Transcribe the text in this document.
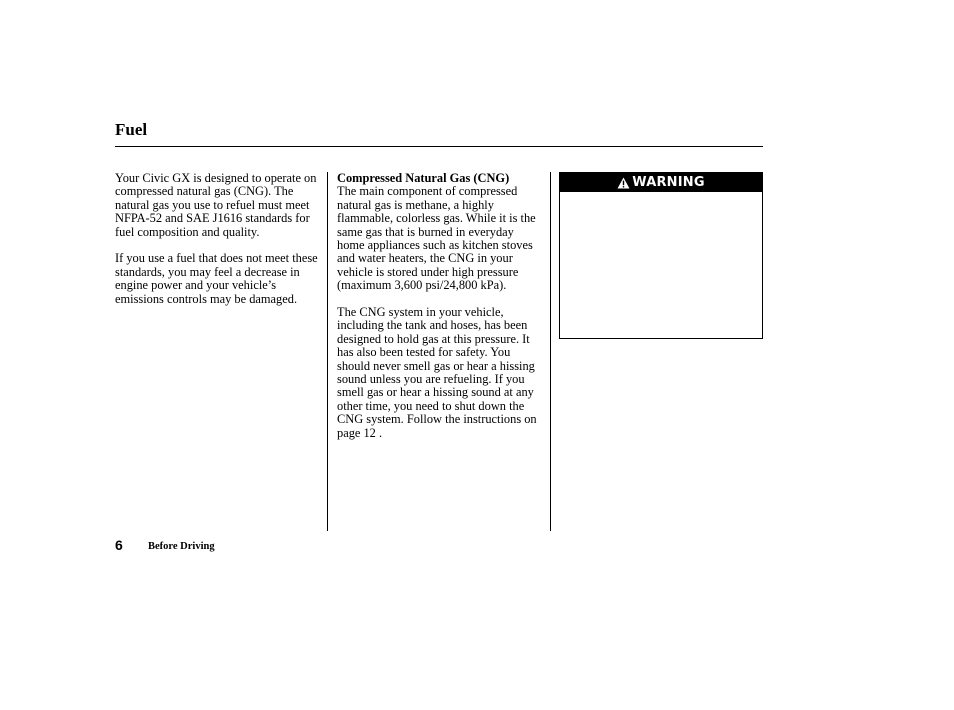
Fuel

Your Civic GX is designed to operate on compressed natural gas (CNG). The natural gas you use to refuel must meet NFPA-52 and SAE J1616 standards for fuel composition and quality.

If you use a fuel that does not meet these standards, you may feel a decrease in engine power and your vehicle’s emissions controls may be damaged.

Compressed Natural Gas (CNG)

The main component of compressed natural gas is methane, a highly flammable, colorless gas. While it is the same gas that is burned in everyday home appliances such as kitchen stoves and water heaters, the CNG in your vehicle is stored under high pressure (maximum 3,600 psi/24,800 kPa).

The CNG system in your vehicle, including the tank and hoses, has been designed to hold gas at this pressure. It has also been tested for safety. You should never smell gas or hear a hissing sound unless you are refueling. If you smell gas or hear a hissing sound at any other time, you need to shut down the CNG system. Follow the instructions on page 12 .

WARNING
6 Before Driving
